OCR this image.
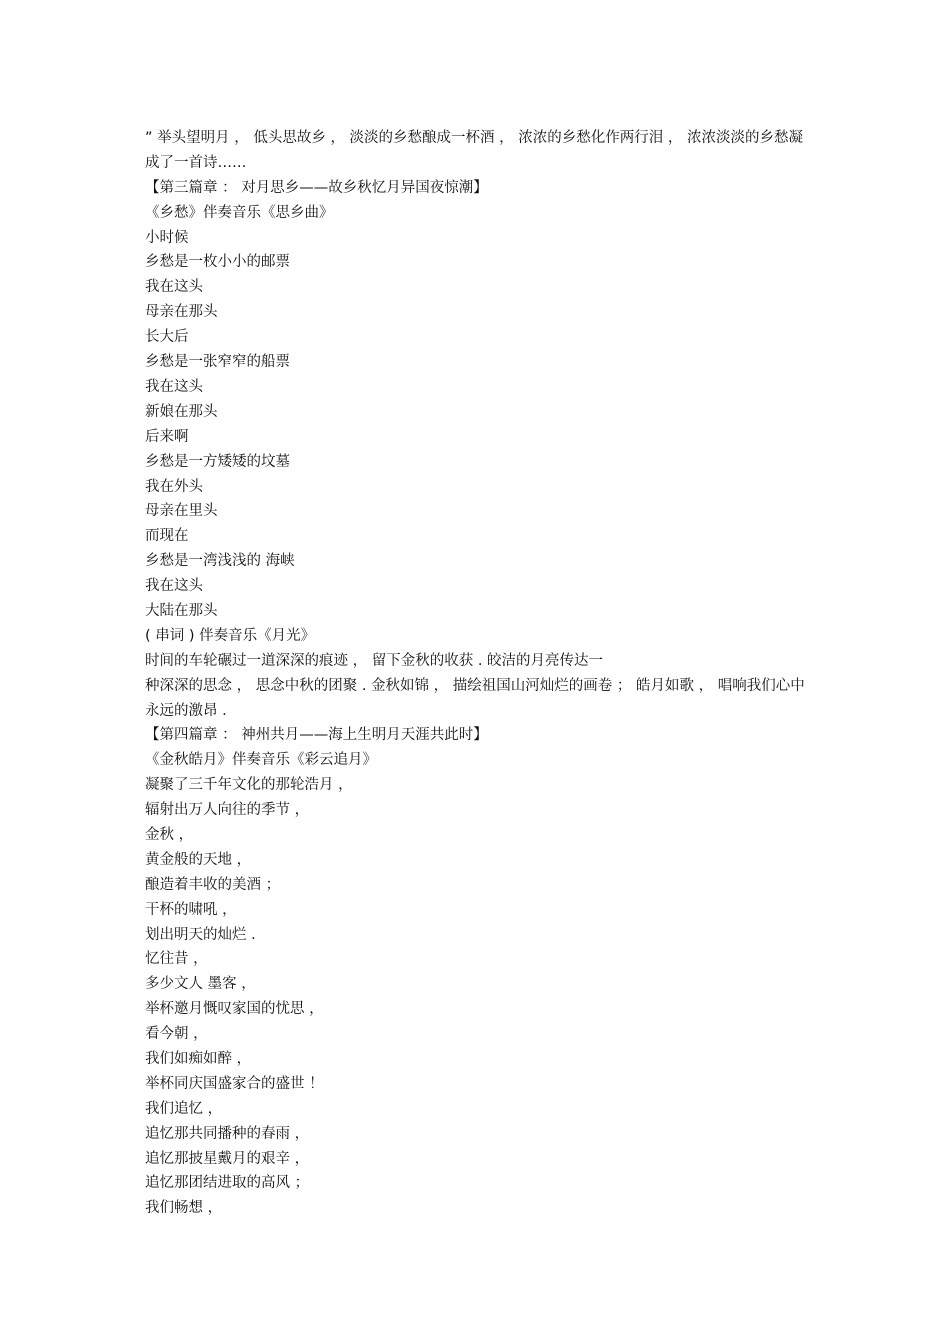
” 举头望明月 ， 低头思故乡 ， 淡淡的乡愁酿成一杯酒 ， 浓浓的乡愁化作两行泪 ， 浓浓淡淡的乡愁凝成了一首诗……
【第三篇章 ： 对月思乡——故乡秋忆月异国夜惊潮】
《乡愁》伴奏音乐《思乡曲》
小时候
乡愁是一枚小小的邮票
我在这头
母亲在那头
长大后
乡愁是一张窄窄的船票
我在这头
新娘在那头
后来啊
乡愁是一方矮矮的坟墓
我在外头
母亲在里头
而现在
乡愁是一湾浅浅的 海峡
我在这头
大陆在那头
( 串词 ) 伴奏音乐《月光》
时间的车轮碾过一道深深的痕迹 ， 留下金秋的收获 . 皎洁的月亮传达一
种深深的思念 ， 思念中秋的团聚 . 金秋如锦 ， 描绘祖国山河灿烂的画卷 ； 皓月如歌 ， 唱响我们心中永远的激昂 .
【第四篇章 ： 神州共月——海上生明月天涯共此时】
《金秋皓月》伴奏音乐《彩云追月》
凝聚了三千年文化的那轮浩月 ，
辐射出万人向往的季节 ，
金秋 ，
黄金般的天地 ，
酿造着丰收的美酒 ；
干杯的啸吼 ，
划出明天的灿烂 .
忆往昔 ，
多少文人 墨客 ，
举杯邀月慨叹家国的忧思 ，
看今朝 ，
我们如痴如醉 ，
举杯同庆国盛家合的盛世 ！
我们追忆 ，
追忆那共同播种的春雨 ，
追忆那披星戴月的艰辛 ，
追忆那团结进取的高风 ；
我们畅想 ，
